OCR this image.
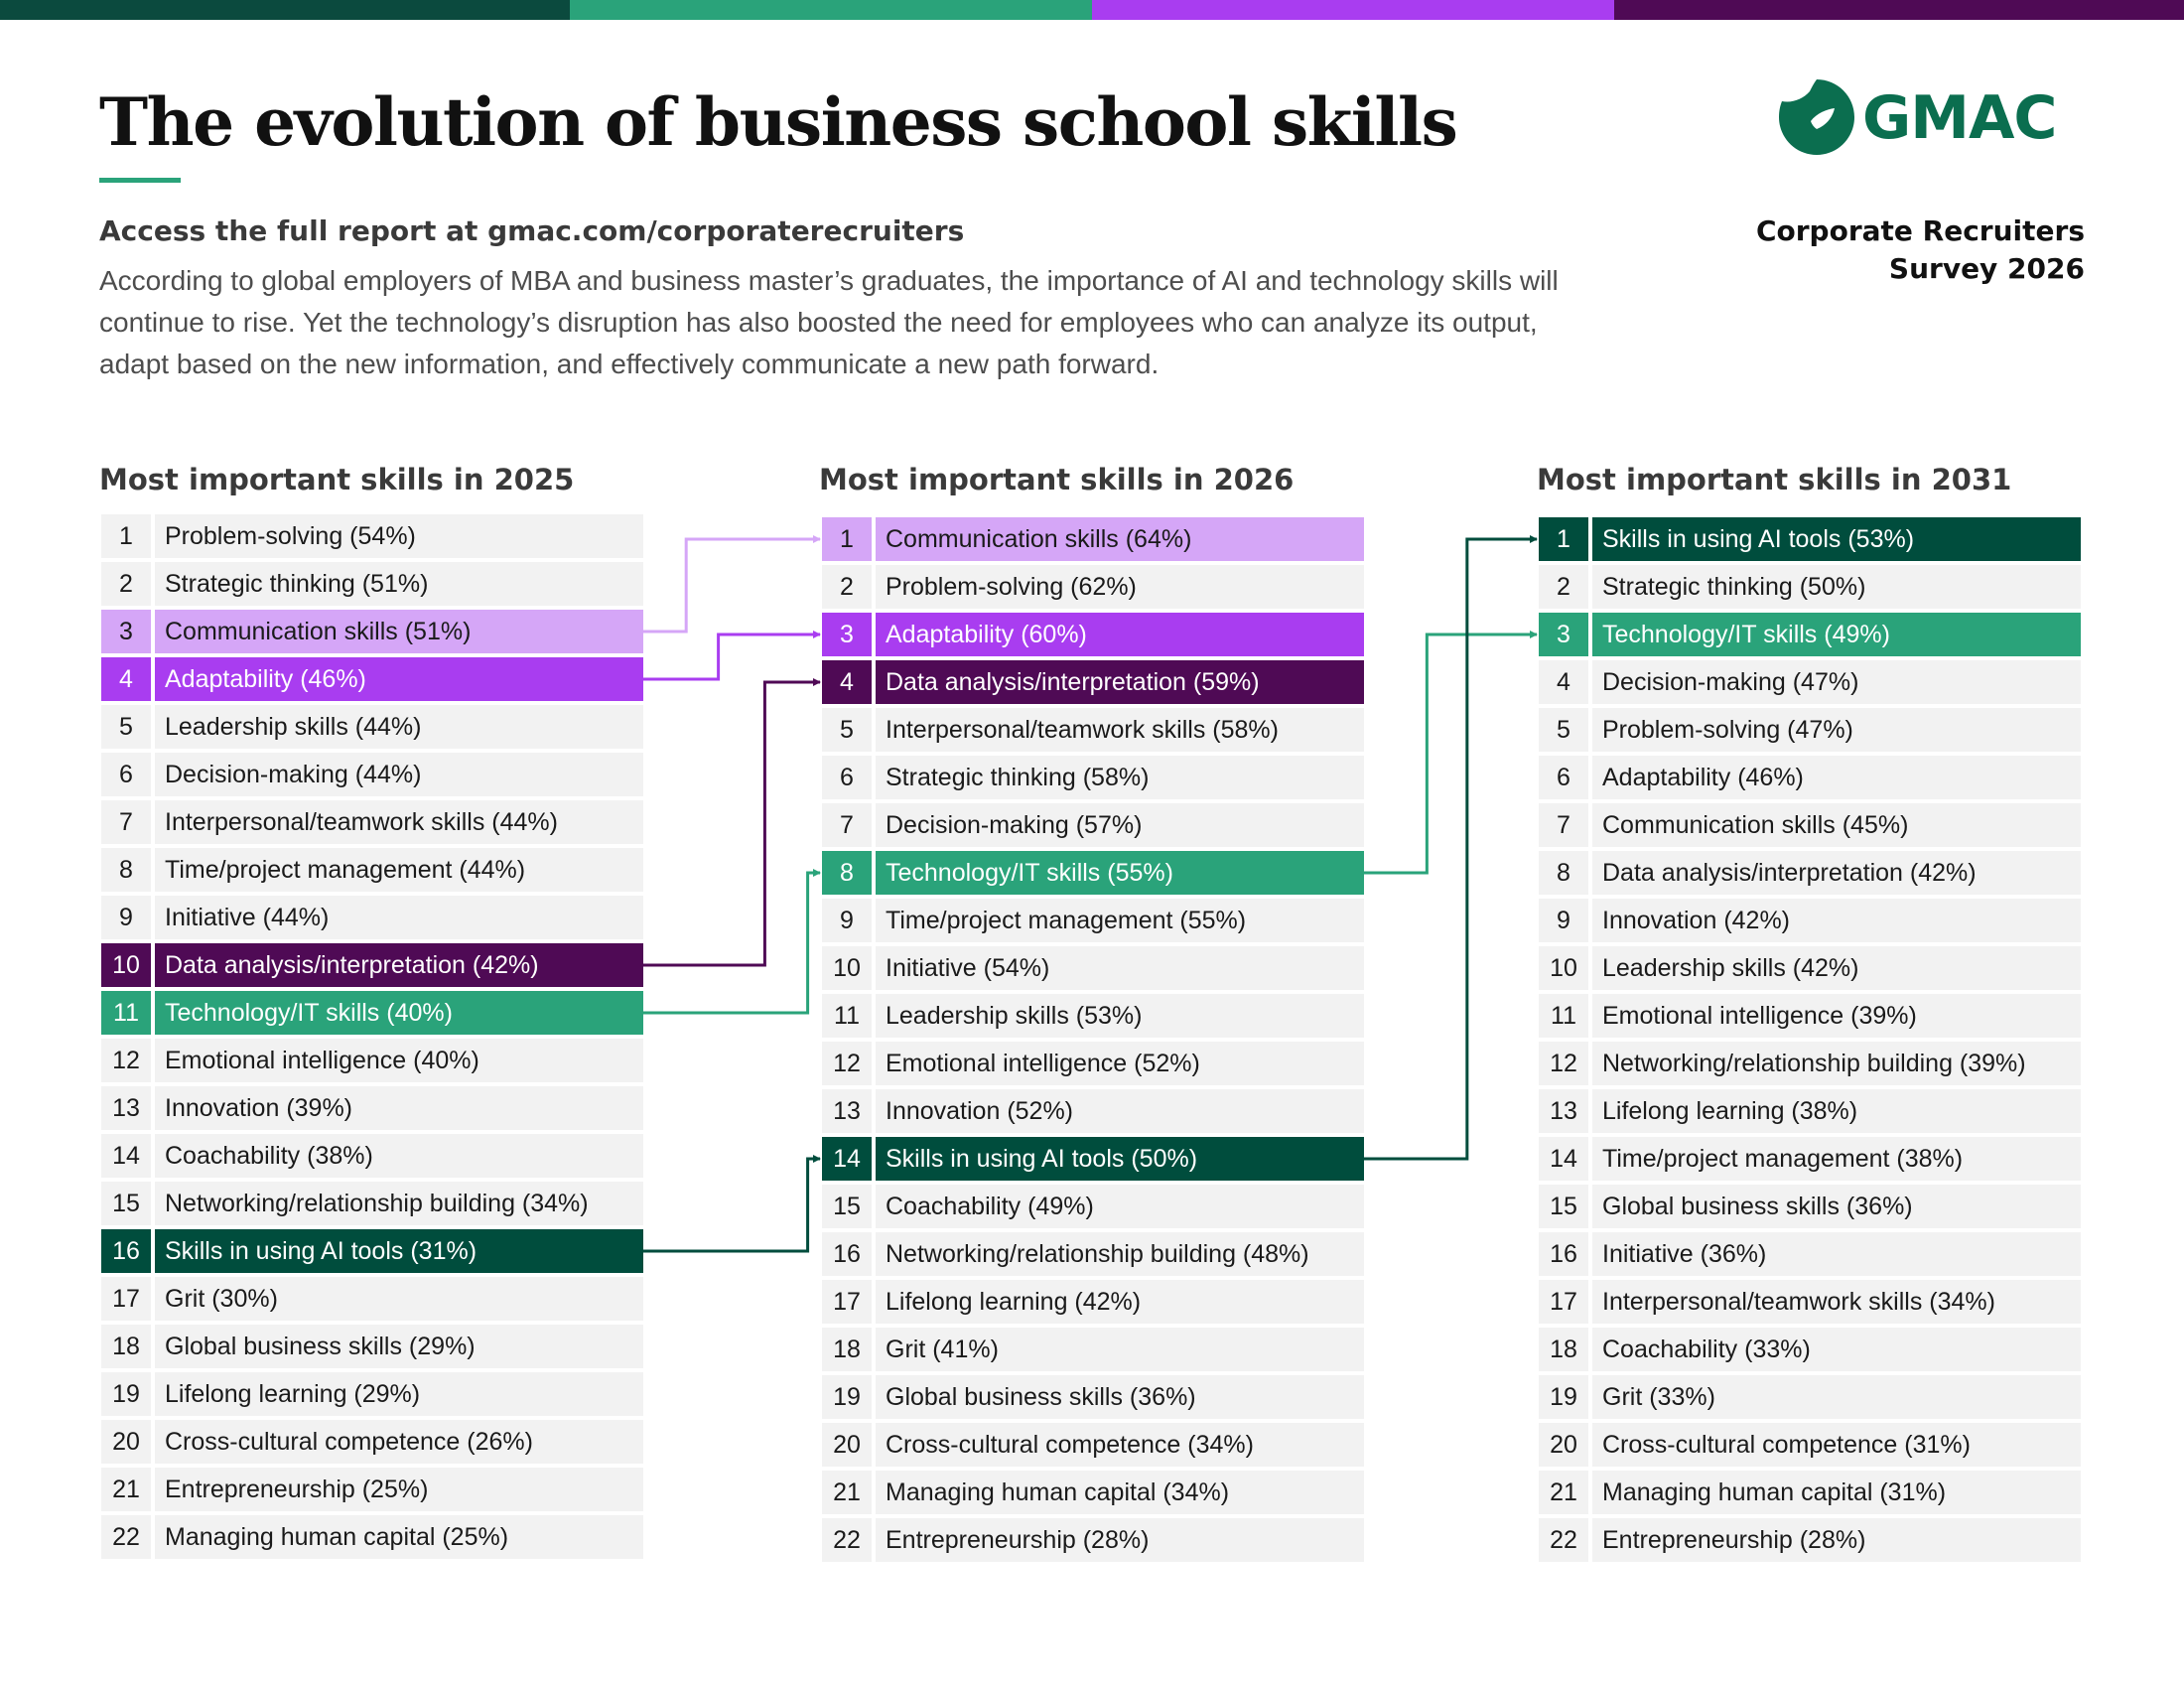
The evolution of business school skills	GMAC
Corporate Recruiters
Survey 2026

Access the full report at gmac.com/corporaterecruiters

According to global employers of MBA and business master’s graduates, the importance of AI and technology skills will continue to rise. Yet the technology’s disruption has also boosted the need for employees who can analyze its output, adapt based on the new information, and effectively communicate a new path forward.

Most important skills in 2025	Most important skills in 2026	Most important skills in 2031
1	Problem-solving (54%)
2	Strategic thinking (51%)
3	Communication skills (51%)
4	Adaptability (46%)
5	Leadership skills (44%)
6	Decision-making (44%)
7	Interpersonal/teamwork skills (44%)
8	Time/project management (44%)
9	Initiative (44%)
10	Data analysis/interpretation (42%)
11	Technology/IT skills (40%)
12	Emotional intelligence (40%)
13	Innovation (39%)
14	Coachability (38%)
15	Networking/relationship building (34%)
16	Skills in using AI tools (31%)
17	Grit (30%)
18	Global business skills (29%)
19	Lifelong learning (29%)
20	Cross-cultural competence (26%)
21	Entrepreneurship (25%)
22	Managing human capital (25%)
1	Communication skills (64%)
2	Problem-solving (62%)
3	Adaptability (60%)
4	Data analysis/interpretation (59%)
5	Interpersonal/teamwork skills (58%)
6	Strategic thinking (58%)
7	Decision-making (57%)
8	Technology/IT skills (55%)
9	Time/project management (55%)
10	Initiative (54%)
11	Leadership skills (53%)
12	Emotional intelligence (52%)
13	Innovation (52%)
14	Skills in using AI tools (50%)
15	Coachability (49%)
16	Networking/relationship building (48%)
17	Lifelong learning (42%)
18	Grit (41%)
19	Global business skills (36%)
20	Cross-cultural competence (34%)
21	Managing human capital (34%)
22	Entrepreneurship (28%)
1	Skills in using AI tools (53%)
2	Strategic thinking (50%)
3	Technology/IT skills (49%)
4	Decision-making (47%)
5	Problem-solving (47%)
6	Adaptability (46%)
7	Communication skills (45%)
8	Data analysis/interpretation (42%)
9	Innovation (42%)
10	Leadership skills (42%)
11	Emotional intelligence (39%)
12	Networking/relationship building (39%)
13	Lifelong learning (38%)
14	Time/project management (38%)
15	Global business skills (36%)
16	Initiative (36%)
17	Interpersonal/teamwork skills (34%)
18	Coachability (33%)
19	Grit (33%)
20	Cross-cultural competence (31%)
21	Managing human capital (31%)
22	Entrepreneurship (28%)
